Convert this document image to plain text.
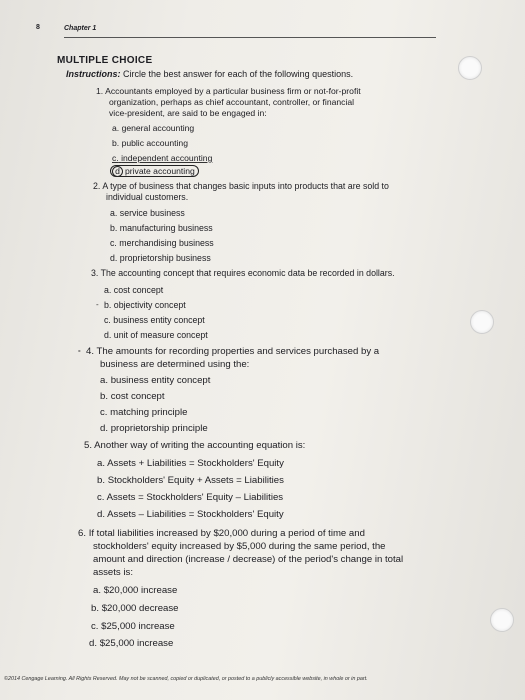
8	Chapter 1
MULTIPLE CHOICE
Instructions: Circle the best answer for each of the following questions.
1. Accountants employed by a particular business firm or not-for-profit
organization, perhaps as chief accountant, controller, or financial
vice-president, are said to be engaged in:
a. general accounting
b. public accounting
c. independent accounting
d private accounting
2. A type of business that changes basic inputs into products that are sold to
individual customers.
a. service business
b. manufacturing business
c. merchandising business
d. proprietorship business
3. The accounting concept that requires economic data be recorded in dollars.
a. cost concept
b. objectivity concept
c. business entity concept
d. unit of measure concept
-
- 4. The amounts for recording properties and services purchased by a
business are determined using the:
a. business entity concept
b. cost concept
c. matching principle
d. proprietorship principle
5. Another way of writing the accounting equation is:
a. Assets + Liabilities = Stockholders' Equity
b. Stockholders' Equity + Assets = Liabilities
c. Assets = Stockholders' Equity – Liabilities
d. Assets – Liabilities = Stockholders' Equity
6. If total liabilities increased by $20,000 during a period of time and
stockholders' equity increased by $5,000 during the same period, the
amount and direction (increase / decrease) of the period's change in total
assets is:
a. $20,000 increase
b. $20,000 decrease
c. $25,000 increase
d. $25,000 increase
©2014 Cengage Learning. All Rights Reserved. May not be scanned, copied or duplicated, or posted to a publicly accessible website, in whole or in part.
